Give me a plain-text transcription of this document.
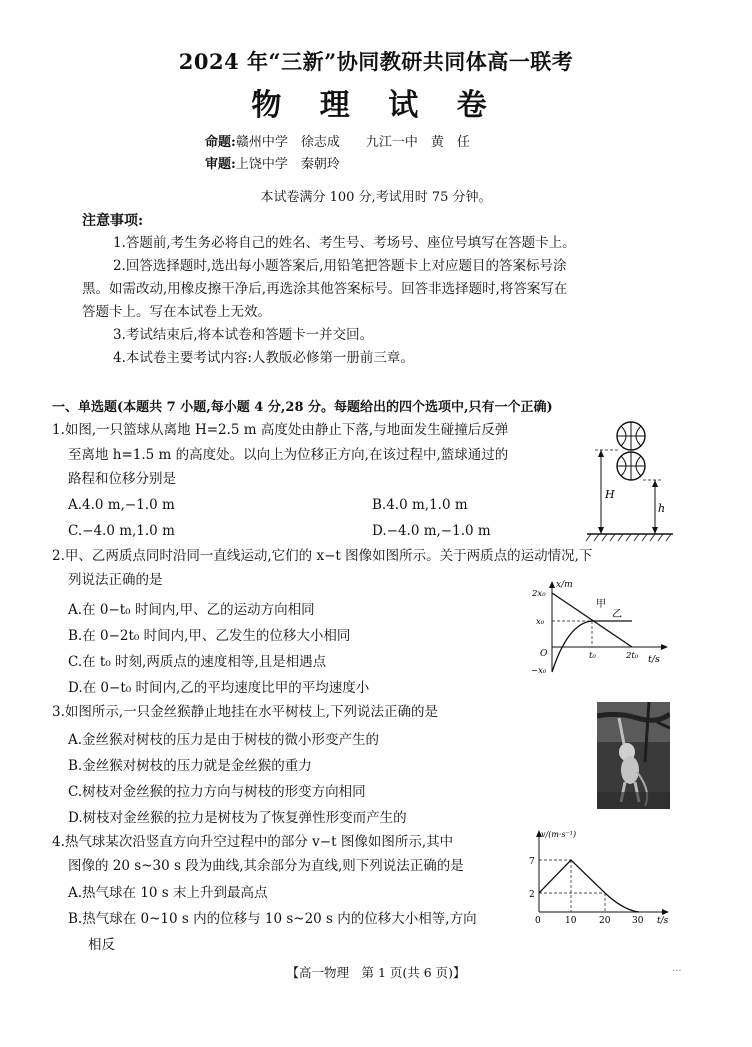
2024 年“三新”协同教研共同体高一联考
物 理 试 卷
命题:赣州中学　徐志成　　九江一中　黄　任
审题:上饶中学　秦朝玲
本试卷满分 100 分,考试用时 75 分钟。
注意事项:
1.答题前,考生务必将自己的姓名、考生号、考场号、座位号填写在答题卡上。
2.回答选择题时,选出每小题答案后,用铅笔把答题卡上对应题目的答案标号涂
黑。如需改动,用橡皮擦干净后,再选涂其他答案标号。回答非选择题时,将答案写在
答题卡上。写在本试卷上无效。
3.考试结束后,将本试卷和答题卡一并交回。
4.本试卷主要考试内容:人教版必修第一册前三章。
一、单选题(本题共 7 小题,每小题 4 分,28 分。每题给出的四个选项中,只有一个正确)
1.如图,一只篮球从离地 H=2.5 m 高度处由静止下落,与地面发生碰撞后反弹
至离地 h=1.5 m 的高度处。以向上为位移正方向,在该过程中,篮球通过的
路程和位移分别是
A.4.0 m,−1.0 m	B.4.0 m,1.0 m
C.−4.0 m,1.0 m	D.−4.0 m,−1.0 m
H
h
2.甲、乙两质点同时沿同一直线运动,它们的 x−t 图像如图所示。关于两质点的运动情况,下
列说法正确的是
A.在 0−t₀ 时间内,甲、乙的运动方向相同
B.在 0−2t₀ 时间内,甲、乙发生的位移大小相同
C.在 t₀ 时刻,两质点的速度相等,且是相遇点
D.在 0−t₀ 时间内,乙的平均速度比甲的平均速度小
x/m
t/s
O
2x₀
x₀
−x₀
t₀	2t₀
甲
乙
3.如图所示,一只金丝猴静止地挂在水平树枝上,下列说法正确的是
A.金丝猴对树枝的压力是由于树枝的微小形变产生的
B.金丝猴对树枝的压力就是金丝猴的重力
C.树枝对金丝猴的拉力方向与树枝的形变方向相同
D.树枝对金丝猴的拉力是树枝为了恢复弹性形变而产生的
4.热气球某次沿竖直方向升空过程中的部分 v−t 图像如图所示,其中
图像的 20 s~30 s 段为曲线,其余部分为直线,则下列说法正确的是
A.热气球在 10 s 末上升到最高点
B.热气球在 0~10 s 内的位移与 10 s~20 s 内的位移大小相等,方向
相反
v/(m·s⁻¹)
t/s
7
2
0	10	20 30
【高一物理　第 1 页(共 6 页)】	...
